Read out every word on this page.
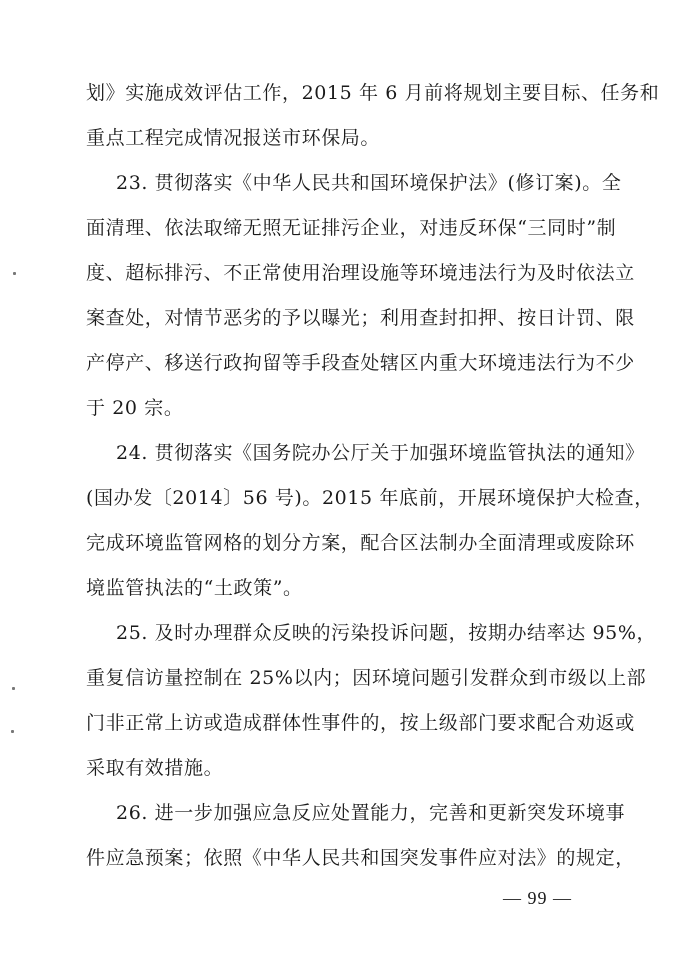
— 99 —
划》实施成效评估工作，2015 年 6 月前将规划主要目标、任务和
重点工程完成情况报送市环保局。
23. 贯彻落实《中华人民共和国环境保护法》(修订案)。全
面清理、依法取缔无照无证排污企业，对违反环保“三同时”制
度、超标排污、不正常使用治理设施等环境违法行为及时依法立
案查处，对情节恶劣的予以曝光；利用查封扣押、按日计罚、限
产停产、移送行政拘留等手段查处辖区内重大环境违法行为不少
于 20 宗。
24. 贯彻落实《国务院办公厅关于加强环境监管执法的通知》
(国办发〔2014〕56 号)。2015 年底前，开展环境保护大检查，
完成环境监管网格的划分方案，配合区法制办全面清理或废除环
境监管执法的“土政策”。
25. 及时办理群众反映的污染投诉问题，按期办结率达 95%，
重复信访量控制在 25%以内；因环境问题引发群众到市级以上部
门非正常上访或造成群体性事件的，按上级部门要求配合劝返或
采取有效措施。
26. 进一步加强应急反应处置能力，完善和更新突发环境事
件应急预案；依照《中华人民共和国突发事件应对法》的规定，
